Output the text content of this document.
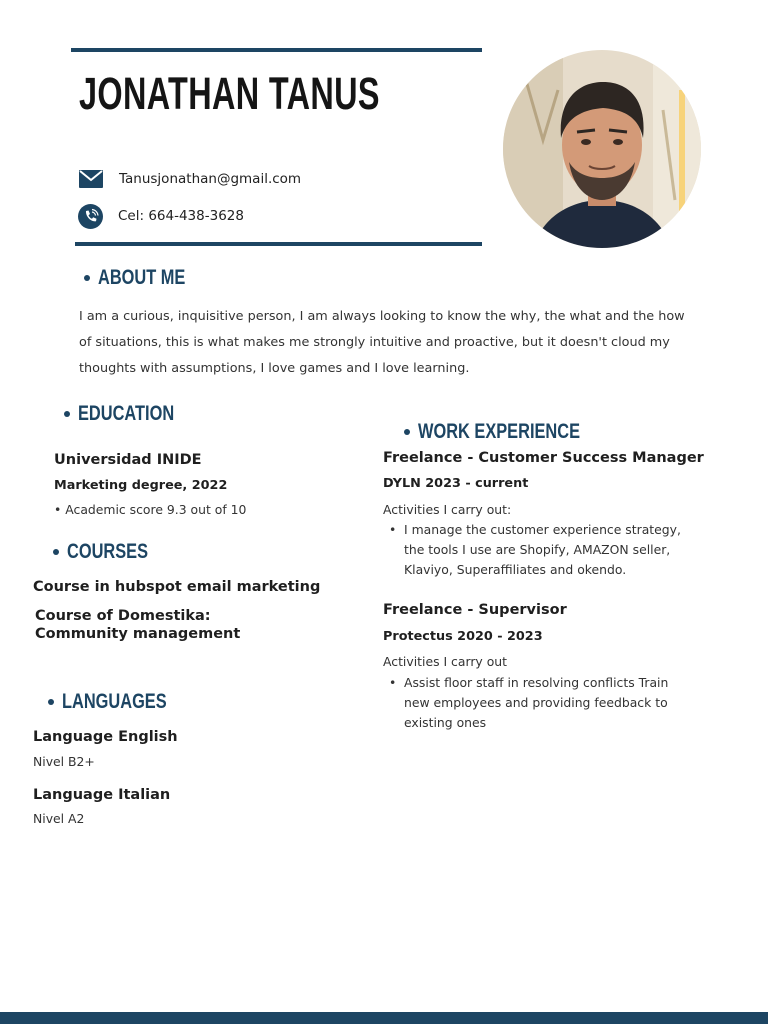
JONATHAN TANUS
Tanusjonathan@gmail.com
Cel: 664-438-3628
ABOUT ME

I am a curious, inquisitive person, I am always looking to know the why, the what and the how of situations, this is what makes me strongly intuitive and proactive, but it doesn't cloud my thoughts with assumptions, I love games and I love learning.

EDUCATION
Universidad INIDE
Marketing degree, 2022
• Academic score 9.3 out of 10
COURSES
Course in hubspot email marketing
Course of Domestika: Community management
LANGUAGES
Language English
Nivel B2+
Language Italian
Nivel A2
WORK EXPERIENCE
Freelance - Customer Success Manager
DYLN 2023 - current
Activities I carry out:
• I manage the customer experience strategy, the tools I use are Shopify, AMAZON seller, Klaviyo, Superaffiliates and okendo.
Freelance - Supervisor
Protectus 2020 - 2023
Activities I carry out
• Assist floor staff in resolving conflicts Train new employees and providing feedback to existing ones
